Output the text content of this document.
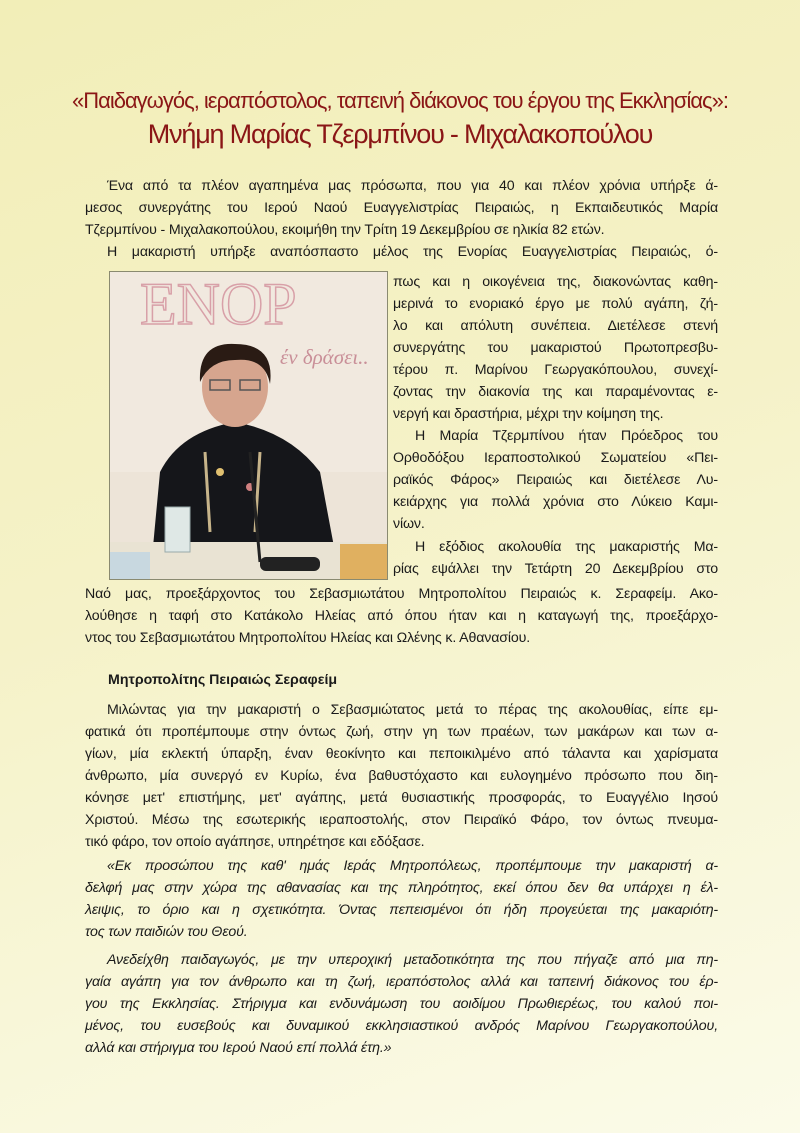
«Παιδαγωγός, ιεραπόστολος, ταπεινή διάκονος του έργου της Εκκλησίας»:
Μνήμη Μαρίας Τζερμπίνου - Μιχαλακοπούλου
Ένα από τα πλέον αγαπημένα μας πρόσωπα, που για 40 και πλέον χρόνια υπήρξε ά-
μεσος συνεργάτης του Ιερού Ναού Ευαγγελιστρίας Πειραιώς, η Εκπαιδευτικός Μαρία
Τζερμπίνου - Μιχαλακοπούλου, εκοιμήθη την Τρίτη 19 Δεκεμβρίου σε ηλικία 82 ετών.
Η μακαριστή υπήρξε αναπόσπαστο μέλος της Ενορίας Ευαγγελιστρίας Πειραιώς, ό-
ΕΝΟΡ
έν δράσει..
πως και η οικογένεια της, διακονώντας καθη-
μερινά το ενοριακό έργο με πολύ αγάπη, ζή-
λο και απόλυτη συνέπεια. Διετέλεσε στενή
συνεργάτης του μακαριστού Πρωτοπρεσβυ-
τέρου π. Μαρίνου Γεωργακόπουλου, συνεχί-
ζοντας την διακονία της και παραμένοντας ε-
νεργή και δραστήρια, μέχρι την κοίμηση της.
Η Μαρία Τζερμπίνου ήταν Πρόεδρος του
Ορθοδόξου Ιεραποστολικού Σωματείου «Πει-
ραϊκός Φάρος» Πειραιώς και διετέλεσε Λυ-
κειάρχης για πολλά χρόνια στο Λύκειο Καμι-
νίων.
Η εξόδιος ακολουθία της μακαριστής Μα-
ρίας εψάλλει την Τετάρτη 20 Δεκεμβρίου στο
Ναό μας, προεξάρχοντος του Σεβασμιωτάτου Μητροπολίτου Πειραιώς κ. Σεραφείμ. Ακο-
λούθησε η ταφή στο Κατάκολο Ηλείας από όπου ήταν και η καταγωγή της, προεξάρχο-
ντος του Σεβασμιωτάτου Μητροπολίτου Ηλείας και Ωλένης κ. Αθανασίου.
Μητροπολίτης Πειραιώς Σεραφείμ
Μιλώντας για την μακαριστή ο Σεβασμιώτατος μετά το πέρας της ακολουθίας, είπε εμ-
φατικά ότι προπέμπουμε στην όντως ζωή, στην γη των πραέων, των μακάρων και των α-
γίων, μία εκλεκτή ύπαρξη, έναν θεοκίνητο και πεποικιλμένο από τάλαντα και χαρίσματα
άνθρωπο, μία συνεργό εν Κυρίω, ένα βαθυστόχαστο και ευλογημένο πρόσωπο που διη-
κόνησε μετ' επιστήμης, μετ' αγάπης, μετά θυσιαστικής προσφοράς, το Ευαγγέλιο Ιησού
Χριστού. Μέσω της εσωτερικής ιεραποστολής, στον Πειραϊκό Φάρο, τον όντως πνευμα-
τικό φάρο, τον οποίο αγάπησε, υπηρέτησε και εδόξασε.
«Εκ προσώπου της καθ' ημάς Ιεράς Μητροπόλεως, προπέμπουμε την μακαριστή α-
δελφή μας στην χώρα της αθανασίας και της πληρότητος, εκεί όπου δεν θα υπάρχει η έλ-
λειψις, το όριο και η σχετικότητα. Όντας πεπεισμένοι ότι ήδη προγεύεται της μακαριότη-
τος των παιδιών του Θεού.
Ανεδείχθη παιδαγωγός, με την υπεροχική μεταδοτικότητα της που πήγαζε από μια πη-
γαία αγάπη για τον άνθρωπο και τη ζωή, ιεραπόστολος αλλά και ταπεινή διάκονος του έρ-
γου της Εκκλησίας. Στήριγμα και ενδυνάμωση του αοιδίμου Πρωθιερέως, του καλού ποι-
μένος, του ευσεβούς και δυναμικού εκκλησιαστικού ανδρός Μαρίνου Γεωργακοπούλου,
αλλά και στήριγμα του Ιερού Ναού επί πολλά έτη.»
